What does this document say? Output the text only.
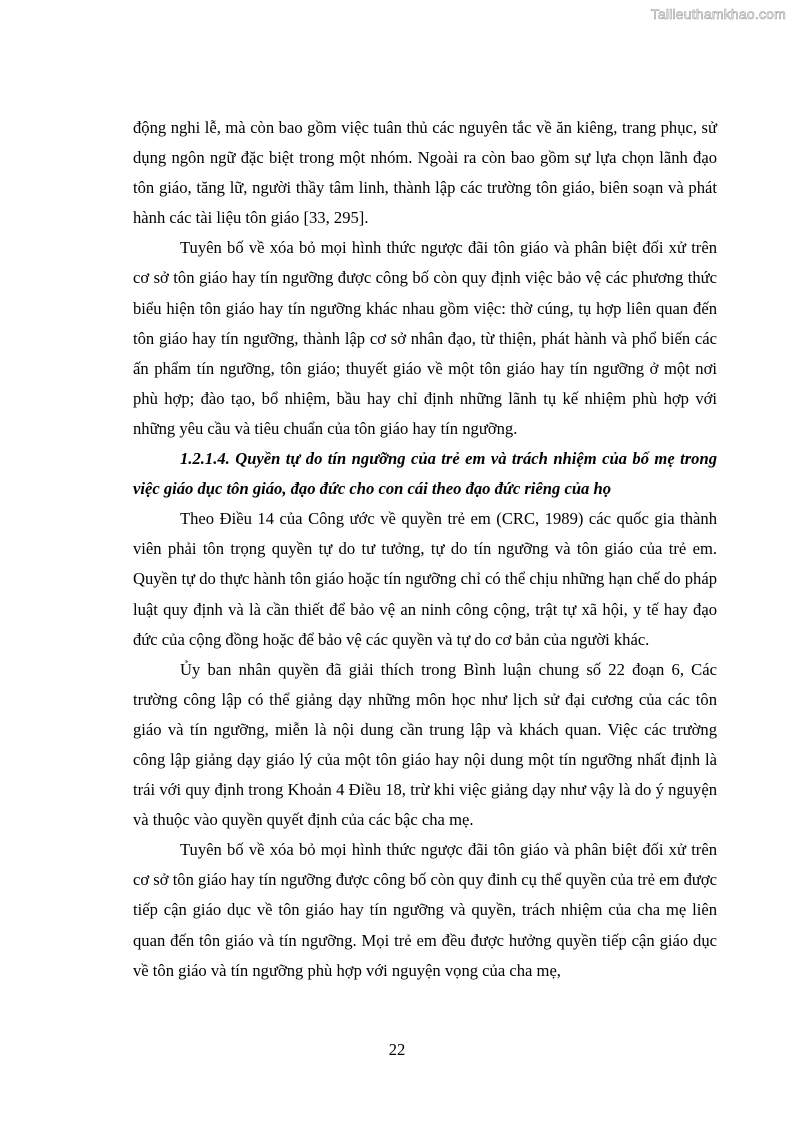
Tailieuthamkhao.com

động nghi lễ, mà còn bao gồm việc tuân thủ các nguyên tắc về ăn kiêng, trang phục, sử dụng ngôn ngữ đặc biệt trong một nhóm. Ngoài ra còn bao gồm sự lựa chọn lãnh đạo tôn giáo, tăng lữ, người thầy tâm linh, thành lập các trường tôn giáo, biên soạn và phát hành các tài liệu tôn giáo [33, 295].

Tuyên bố về xóa bỏ mọi hình thức ngược đãi tôn giáo và phân biệt đối xử trên cơ sở tôn giáo hay tín ngưỡng được công bố còn quy định việc bảo vệ các phương thức biểu hiện tôn giáo hay tín ngưỡng khác nhau gồm việc: thờ cúng, tụ hợp liên quan đến tôn giáo hay tín ngưỡng, thành lập cơ sở nhân đạo, từ thiện, phát hành và phổ biến các ấn phẩm tín ngưỡng, tôn giáo; thuyết giáo về một tôn giáo hay tín ngưỡng ở một nơi phù hợp; đào tạo, bổ nhiệm, bầu hay chỉ định những lãnh tụ kế nhiệm phù hợp với những yêu cầu và tiêu chuẩn của tôn giáo hay tín ngưỡng.

1.2.1.4. Quyền tự do tín ngưỡng của trẻ em và trách nhiệm của bố mẹ trong việc giáo dục tôn giáo, đạo đức cho con cái theo đạo đức riêng của họ

Theo Điều 14 của Công ước về quyền trẻ em (CRC, 1989) các quốc gia thành viên phải tôn trọng quyền tự do tư tưởng, tự do tín ngưỡng và tôn giáo của trẻ em. Quyền tự do thực hành tôn giáo hoặc tín ngưỡng chỉ có thể chịu những hạn chế do pháp luật quy định và là cần thiết để bảo vệ an ninh công cộng, trật tự xã hội, y tế hay đạo đức của cộng đồng hoặc để bảo vệ các quyền và tự do cơ bản của người khác.

Ủy ban nhân quyền đã giải thích trong Bình luận chung số 22 đoạn 6, Các trường công lập có thể giảng dạy những môn học như lịch sử đại cương của các tôn giáo và tín ngưỡng, miễn là nội dung cần trung lập và khách quan. Việc các trường công lập giảng dạy giáo lý của một tôn giáo hay nội dung một tín ngưỡng nhất định là trái với quy định trong Khoản 4 Điều 18, trừ khi việc giảng dạy như vậy là do ý nguyện và thuộc vào quyền quyết định của các bậc cha mẹ.

Tuyên bố về xóa bỏ mọi hình thức ngược đãi tôn giáo và phân biệt đối xử trên cơ sở tôn giáo hay tín ngưỡng được công bố còn quy đinh cụ thể quyền của trẻ em được tiếp cận giáo dục về tôn giáo hay tín ngưỡng và quyền, trách nhiệm của cha mẹ liên quan đến tôn giáo và tín ngưỡng. Mọi trẻ em đều được hưởng quyền tiếp cận giáo dục về tôn giáo và tín ngưỡng phù hợp với nguyện vọng của cha mẹ,

22
